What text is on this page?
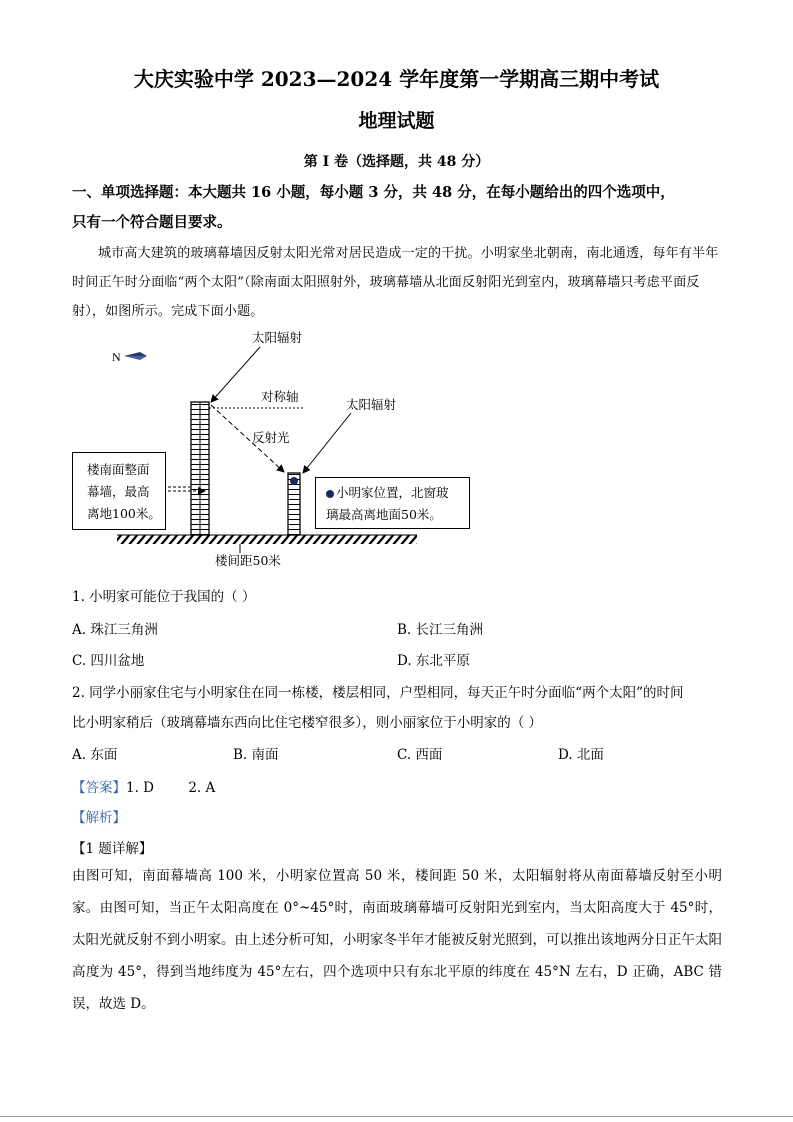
大庆实验中学 2023—2024 学年度第一学期高三期中考试
地理试题
第 I 卷（选择题，共 48 分）
一、单项选择题：本大题共 16 小题，每小题 3 分，共 48 分，在每小题给出的四个选项中，
只有一个符合题目要求。
城市高大建筑的玻璃幕墙因反射太阳光常对居民造成一定的干扰。小明家坐北朝南，南北通透，每年有半年时间正午时分面临“两个太阳”（除南面太阳照射外，玻璃幕墙从北面反射阳光到室内，玻璃幕墙只考虑平面反射），如图所示。完成下面小题。
N
太阳辐射
太阳辐射
对称轴
反射光
楼间距50米
楼南面整面
幕墙，最高
离地100米。
小明家位置，北窗玻
璃最高离地面50米。
1. 小明家可能位于我国的（ ）
A. 珠江三角洲	B. 长江三角洲
C. 四川盆地	D. 东北平原
2. 同学小丽家住宅与小明家住在同一栋楼，楼层相同，户型相同，每天正午时分面临“两个太阳”的时间
比小明家稍后（玻璃幕墙东西向比住宅楼窄很多），则小丽家位于小明家的（ ）
A. 东面	B. 南面	C. 西面	D. 北面
【答案】1. D        2. A
【解析】
【1 题详解】
由图可知，南面幕墙高 100 米，小明家位置高 50 米，楼间距 50 米，太阳辐射将从南面幕墙反射至小明家。由图可知，当正午太阳高度在 0°~45°时，南面玻璃幕墙可反射阳光到室内，当太阳高度大于 45°时，太阳光就反射不到小明家。由上述分析可知，小明家冬半年才能被反射光照到，可以推出该地两分日正午太阳高度为 45°，得到当地纬度为 45°左右，四个选项中只有东北平原的纬度在 45°N 左右，D 正确，ABC 错误，故选 D。
